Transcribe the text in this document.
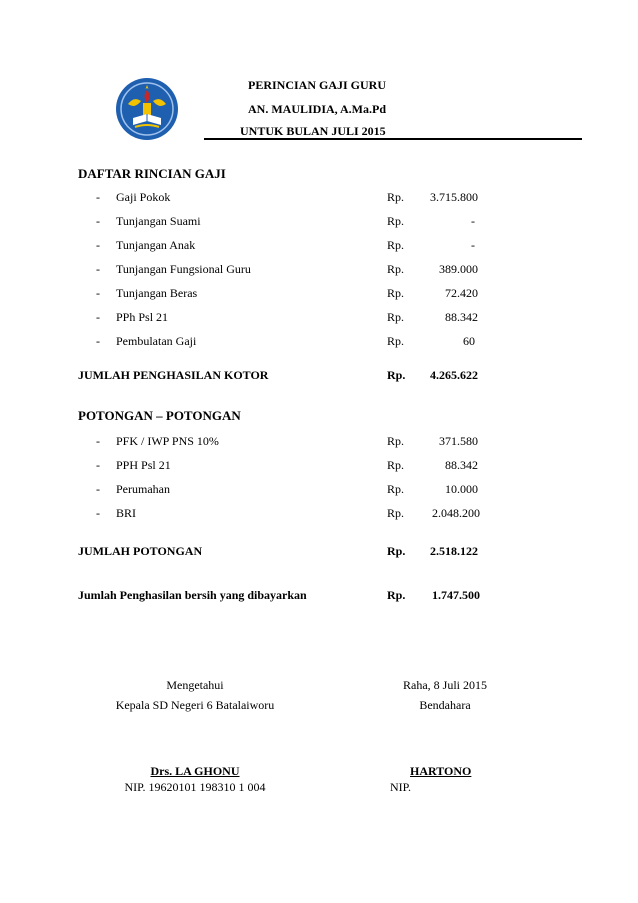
PERINCIAN GAJI GURU
AN. MAULIDIA, A.Ma.Pd
UNTUK BULAN JULI 2015
DAFTAR RINCIAN GAJI
- Gaji Pokok	Rp.	3.715.800
- Tunjangan Suami	Rp.	-
- Tunjangan Anak	Rp.	-
- Tunjangan Fungsional Guru	Rp.	389.000
- Tunjangan Beras	Rp.	72.420
- PPh Psl 21	Rp.	88.342
- Pembulatan Gaji	Rp.	60
JUMLAH PENGHASILAN KOTOR	Rp.	4.265.622
POTONGAN – POTONGAN
- PFK / IWP PNS 10%	Rp.	371.580
- PPH Psl 21	Rp.	88.342
- Perumahan	Rp.	10.000
- BRI	Rp.	2.048.200
JUMLAH POTONGAN	Rp.	2.518.122
Jumlah Penghasilan bersih yang dibayarkan	Rp.	1.747.500
Mengetahui
Kepala SD Negeri 6 Batalaiworu
Raha, 8 Juli 2015
Bendahara
Drs. LA GHONU
NIP. 19620101 198310 1 004
HARTONO
NIP.
